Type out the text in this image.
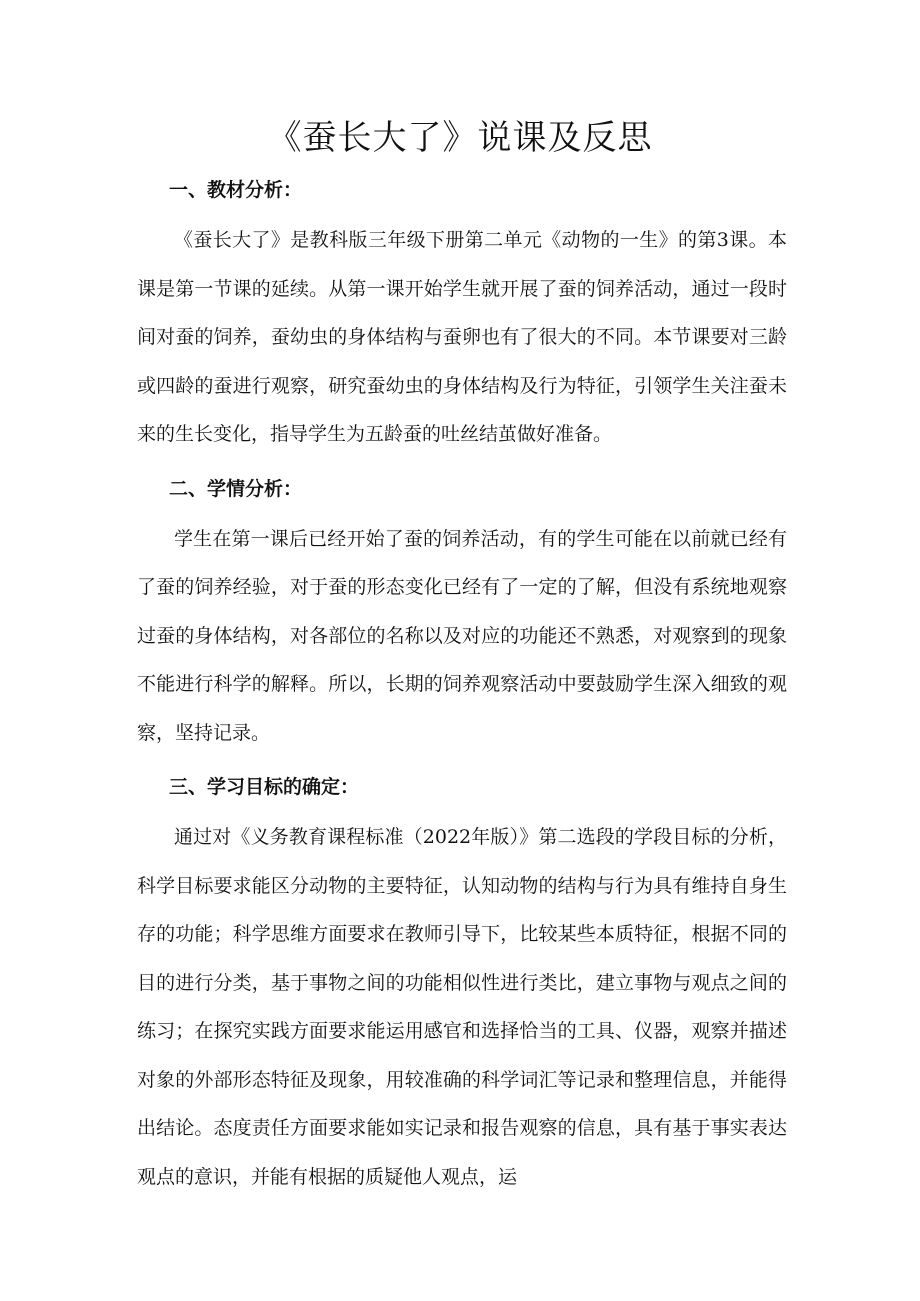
《蚕长大了》说课及反思
一、教材分析：

《蚕长大了》是教科版三年级下册第二单元《动物的一生》的第3课。本课是第一节课的延续。从第一课开始学生就开展了蚕的饲养活动，通过一段时间对蚕的饲养，蚕幼虫的身体结构与蚕卵也有了很大的不同。本节课要对三龄或四龄的蚕进行观察，研究蚕幼虫的身体结构及行为特征，引领学生关注蚕未来的生长变化，指导学生为五龄蚕的吐丝结茧做好准备。

二、学情分析：

学生在第一课后已经开始了蚕的饲养活动，有的学生可能在以前就已经有了蚕的饲养经验，对于蚕的形态变化已经有了一定的了解，但没有系统地观察过蚕的身体结构，对各部位的名称以及对应的功能还不熟悉，对观察到的现象不能进行科学的解释。所以，长期的饲养观察活动中要鼓励学生深入细致的观察，坚持记录。

三、学习目标的确定：

通过对《义务教育课程标准（2022年版）》第二选段的学段目标的分析，科学目标要求能区分动物的主要特征，认知动物的结构与行为具有维持自身生存的功能；科学思维方面要求在教师引导下，比较某些本质特征，根据不同的目的进行分类，基于事物之间的功能相似性进行类比，建立事物与观点之间的练习；在探究实践方面要求能运用感官和选择恰当的工具、仪器，观察并描述对象的外部形态特征及现象，用较准确的科学词汇等记录和整理信息，并能得出结论。态度责任方面要求能如实记录和报告观察的信息，具有基于事实表达观点的意识，并能有根据的质疑他人观点，运
